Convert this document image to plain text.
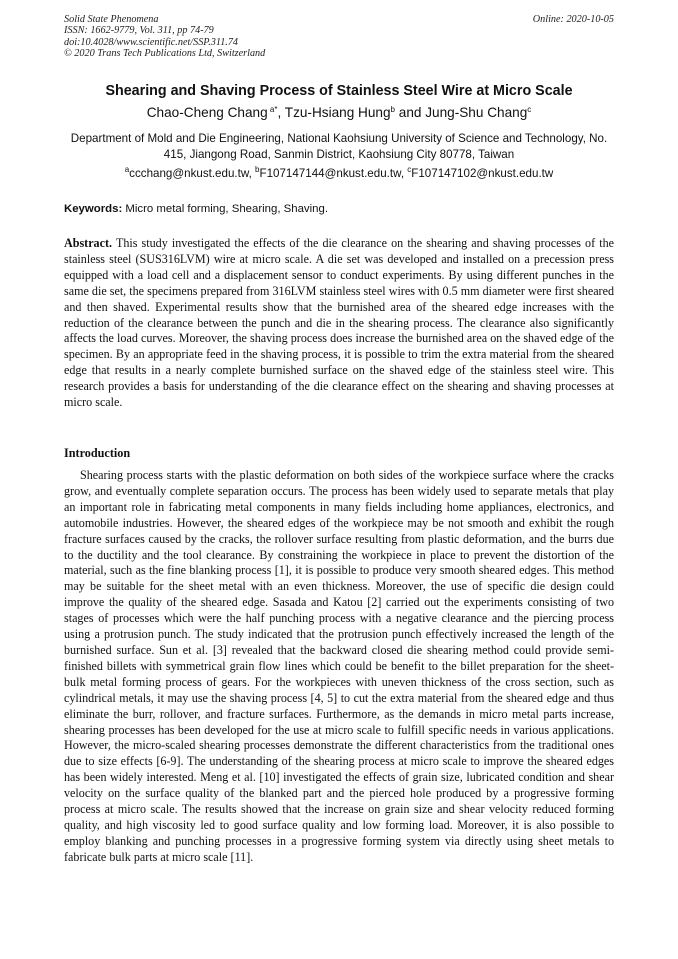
Solid State Phenomena
ISSN: 1662-9779, Vol. 311, pp 74-79
doi:10.4028/www.scientific.net/SSP.311.74
© 2020 Trans Tech Publications Ltd, Switzerland
Online: 2020-10-05
Shearing and Shaving Process of Stainless Steel Wire at Micro Scale
Chao-Cheng Chang $^{a*}$, Tzu-Hsiang Hung$^b$ and Jung-Shu Chang$^c$
Department of Mold and Die Engineering, National Kaohsiung University of Science and Technology, No. 415, Jiangong Road, Sanmin District, Kaohsiung City 80778, Taiwan
$^a$ccchang@nkust.edu.tw, $^b$F107147144@nkust.edu.tw, $^c$F107147102@nkust.edu.tw
Keywords: Micro metal forming, Shearing, Shaving.
Abstract. This study investigated the effects of the die clearance on the shearing and shaving processes of the stainless steel (SUS316LVM) wire at micro scale. A die set was developed and installed on a precession press equipped with a load cell and a displacement sensor to conduct experiments. By using different punches in the same die set, the specimens prepared from 316LVM stainless steel wires with 0.5 mm diameter were first sheared and then shaved. Experimental results show that the burnished area of the sheared edge increases with the reduction of the clearance between the punch and die in the shearing process. The clearance also significantly affects the load curves. Moreover, the shaving process does increase the burnished area on the shaved edge of the specimen. By an appropriate feed in the shaving process, it is possible to trim the extra material from the sheared edge that results in a nearly complete burnished surface on the shaved edge of the stainless steel wire. This research provides a basis for understanding of the die clearance effect on the shearing and shaving processes at micro scale.
Introduction
Shearing process starts with the plastic deformation on both sides of the workpiece surface where the cracks grow, and eventually complete separation occurs. The process has been widely used to separate metals that play an important role in fabricating metal components in many fields including home appliances, electronics, and automobile industries. However, the sheared edges of the workpiece may be not smooth and exhibit the rough fracture surfaces caused by the cracks, the rollover surface resulting from plastic deformation, and the burrs due to the ductility and the tool clearance. By constraining the workpiece in place to prevent the distortion of the material, such as the fine blanking process [1], it is possible to produce very smooth sheared edges. This method may be suitable for the sheet metal with an even thickness. Moreover, the use of specific die design could improve the quality of the sheared edge. Sasada and Katou [2] carried out the experiments consisting of two stages of processes which were the half punching process with a negative clearance and the piercing process using a protrusion punch. The study indicated that the protrusion punch effectively increased the length of the burnished surface. Sun et al. [3] revealed that the backward closed die shearing method could provide semi-finished billets with symmetrical grain flow lines which could be benefit to the billet preparation for the sheet-bulk metal forming process of gears. For the workpieces with uneven thickness of the cross section, such as cylindrical metals, it may use the shaving process [4, 5] to cut the extra material from the sheared edge and thus eliminate the burr, rollover, and fracture surfaces. Furthermore, as the demands in micro metal parts increase, shearing processes has been developed for the use at micro scale to fulfill specific needs in various applications. However, the micro-scaled shearing processes demonstrate the different characteristics from the traditional ones due to size effects [6-9]. The understanding of the shearing process at micro scale to improve the sheared edges has been widely interested. Meng et al. [10] investigated the effects of grain size, lubricated condition and shear velocity on the surface quality of the blanked part and the pierced hole produced by a progressive forming process at micro scale. The results showed that the increase on grain size and shear velocity reduced forming quality, and high viscosity led to good surface quality and low forming load. Moreover, it is also possible to employ blanking and punching processes in a progressive forming system via directly using sheet metals to fabricate bulk parts at micro scale [11].
